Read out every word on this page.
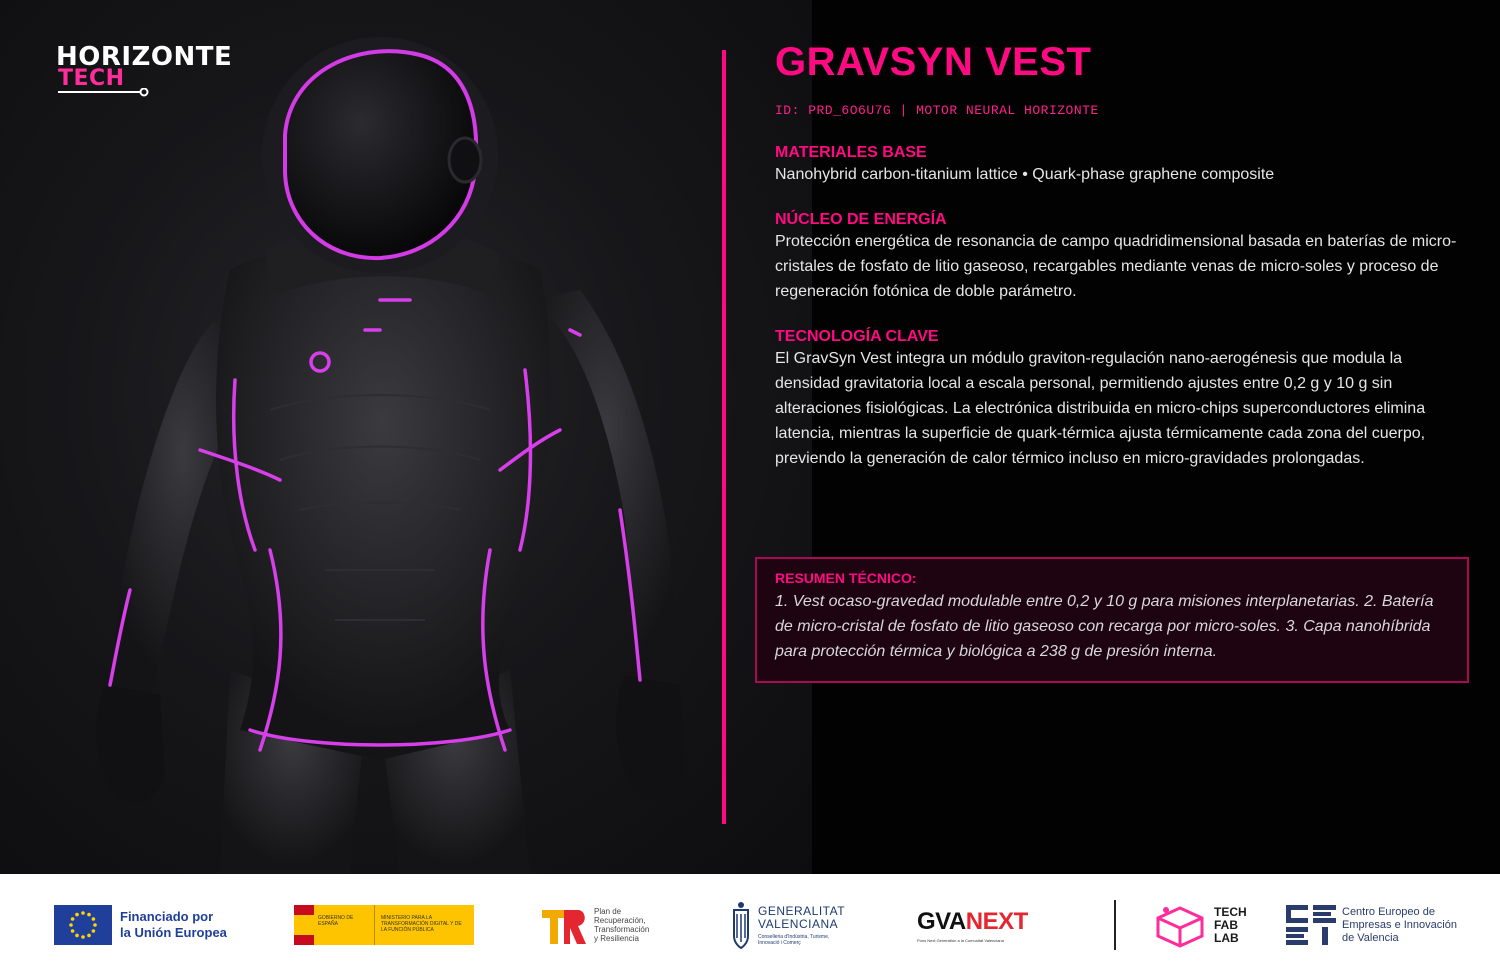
HORIZONTE
TECH	GRAVSYN VEST
ID: PRD_6O6U7G | MOTOR NEURAL HORIZONTE
MATERIALES BASE
Nanohybrid carbon-titanium lattice • Quark-phase graphene composite
NÚCLEO DE ENERGÍA
Protección energética de resonancia de campo quadridimensional basada en baterías de micro-cristales de fosfato de litio gaseoso, recargables mediante venas de micro-soles y proceso de regeneración fotónica de doble parámetro.
TECNOLOGÍA CLAVE
El GravSyn Vest integra un módulo graviton-regulación nano-aerogénesis que modula la densidad gravitatoria local a escala personal, permitiendo ajustes entre 0,2 g y 10 g sin alteraciones fisiológicas. La electrónica distribuida en micro-chips superconductores elimina latencia, mientras la superficie de quark-térmica ajusta térmicamente cada zona del cuerpo, previendo la generación de calor térmico incluso en micro-gravidades prolongadas.
RESUMEN TÉCNICO:
1. Vest ocaso-gravedad modulable entre 0,2 y 10 g para misiones interplanetarias. 2. Batería de micro-cristal de fosfato de litio gaseoso con recarga por micro-soles. 3. Capa nanohíbrida para protección térmica y biológica a 238 g de presión interna.
Financiado por
la Unión Europea
GOBIERNO DE ESPAÑA
MINISTERIO PARA LA TRANSFORMACIÓN DIGITAL Y DE LA FUNCIÓN PÚBLICA
Plan de
Recuperación,
Transformación
y Resiliencia
GENERALITAT
VALENCIANA
Conselleria d'Indústria, Turisme,
Innovació i Comerç
GVANEXT
Pons Next Generation a la Comunitat Valenciana
TECH
FAB
LAB
Centro Europeo de
Empresas e Innovación
de Valencia
